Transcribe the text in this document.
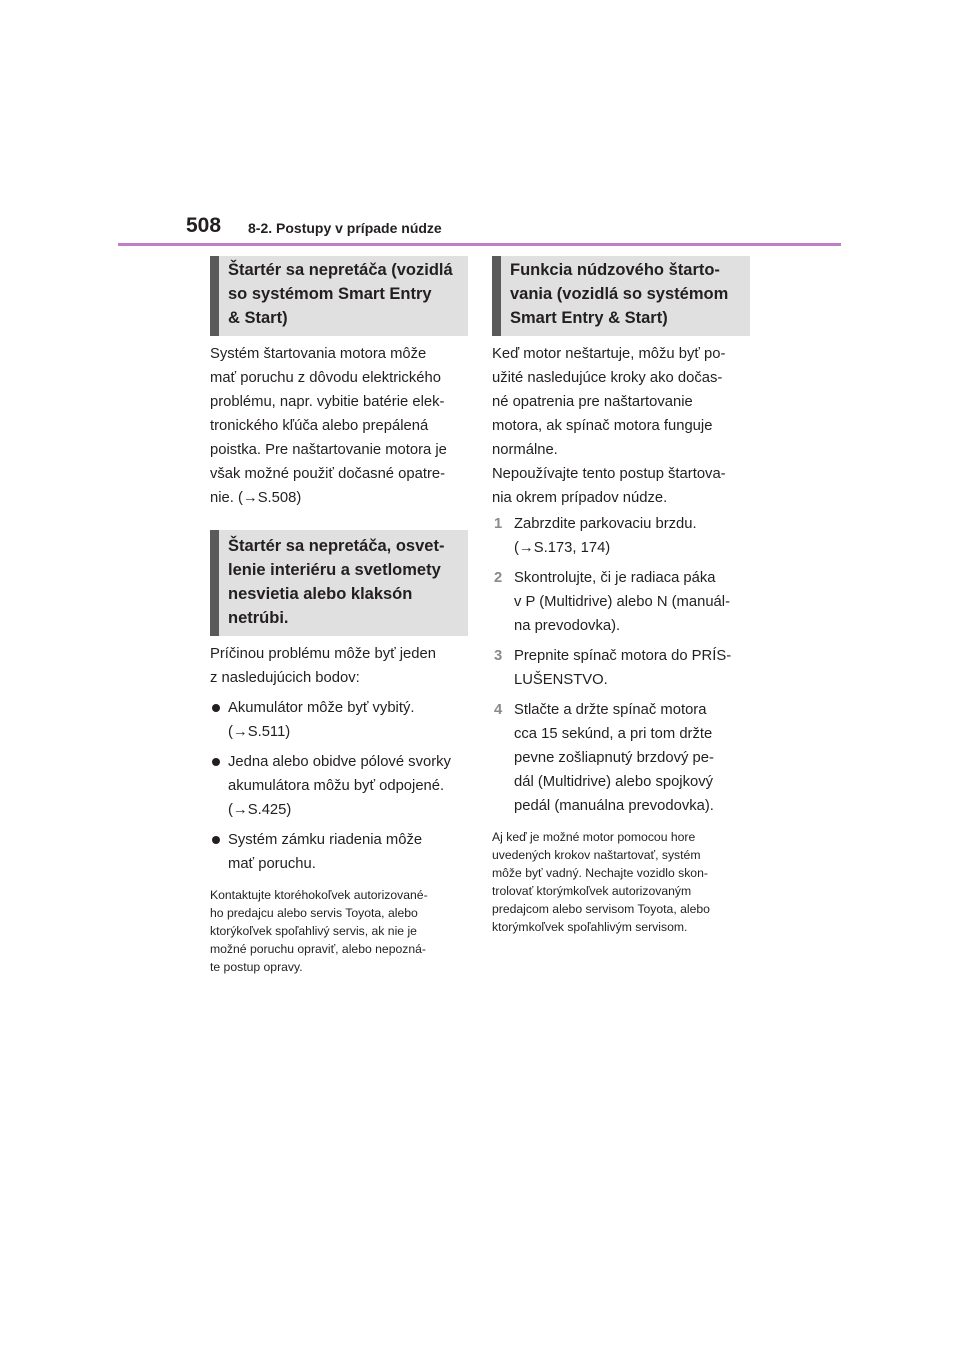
508 8-2. Postupy v prípade núdze
Štartér sa nepretáča (vozidlá
so systémom Smart Entry
& Start)

Systém štartovania motora môže
mať poruchu z dôvodu elektrického
problému, napr. vybitie batérie elek-
tronického kľúča alebo prepálená
poistka. Pre naštartovanie motora je
však možné použiť dočasné opatre-
nie. (→S.508)

Štartér sa nepretáča, osvet-
lenie interiéru a svetlomety
nesvietia alebo klaksón
netrúbi.

Príčinou problému môže byť jeden
z nasledujúcich bodov:

Akumulátor môže byť vybitý.
(→S.511)
Jedna alebo obidve pólové svorky
akumulátora môžu byť odpojené.
(→S.425)
Systém zámku riadenia môže
mať poruchu.

Kontaktujte ktoréhokoľvek autorizované-
ho predajcu alebo servis Toyota, alebo
ktorýkoľvek spoľahlivý servis, ak nie je
možné poruchu opraviť, alebo nepozná-
te postup opravy.

Funkcia núdzového štarto-
vania (vozidlá so systémom
Smart Entry & Start)

Keď motor neštartuje, môžu byť po-
užité nasledujúce kroky ako dočas-
né opatrenia pre naštartovanie
motora, ak spínač motora funguje
normálne.
Nepoužívajte tento postup štartova-
nia okrem prípadov núdze.

1 Zabrzdite parkovaciu brzdu.
(→S.173, 174)
2 Skontrolujte, či je radiaca páka
v P (Multidrive) alebo N (manuál-
na prevodovka).
3 Prepnite spínač motora do PRÍS-
LUŠENSTVO.
4 Stlačte a držte spínač motora
cca 15 sekúnd, a pri tom držte
pevne zošliapnutý brzdový pe-
dál (Multidrive) alebo spojkový
pedál (manuálna prevodovka).

Aj keď je možné motor pomocou hore
uvedených krokov naštartovať, systém
môže byť vadný. Nechajte vozidlo skon-
trolovať ktorýmkoľvek autorizovaným
predajcom alebo servisom Toyota, alebo
ktorýmkoľvek spoľahlivým servisom.
